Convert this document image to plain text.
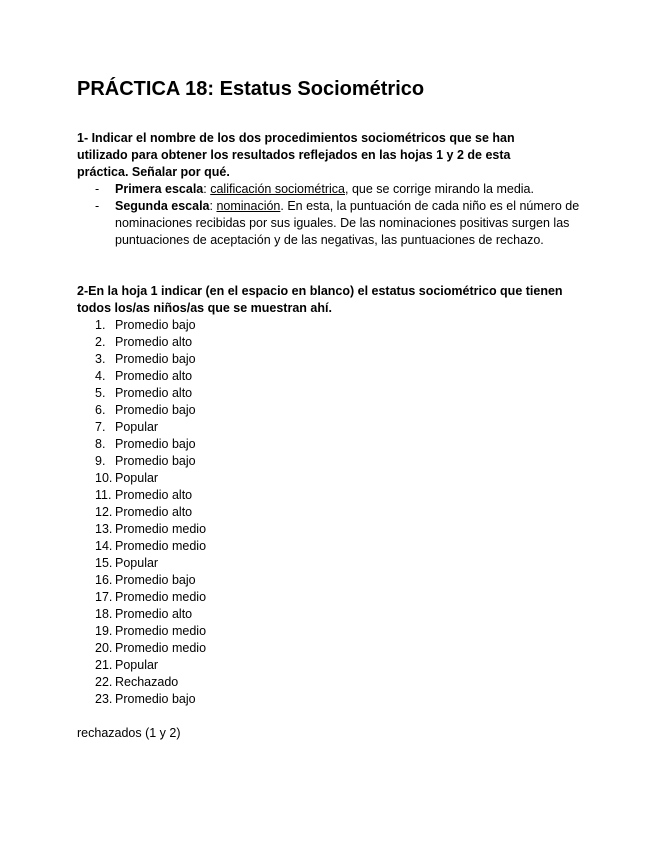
PRÁCTICA 18: Estatus Sociométrico

1- Indicar el nombre de los dos procedimientos sociométricos que se han utilizado para obtener los resultados reflejados en las hojas 1 y 2 de esta práctica. Señalar por qué.

- Primera escala: calificación sociométrica, que se corrige mirando la media.
- Segunda escala: nominación. En esta, la puntuación de cada niño es el número de nominaciones recibidas por sus iguales. De las nominaciones positivas surgen las puntuaciones de aceptación y de las negativas, las puntuaciones de rechazo.

2-En la hoja 1 indicar (en el espacio en blanco) el estatus sociométrico que tienen todos los/as niños/as que se muestran ahí.

1. Promedio bajo
2. Promedio alto
3. Promedio bajo
4. Promedio alto
5. Promedio alto
6. Promedio bajo
7. Popular
8. Promedio bajo
9. Promedio bajo
10. Popular
11. Promedio alto
12. Promedio alto
13. Promedio medio
14. Promedio medio
15. Popular
16. Promedio bajo
17. Promedio medio
18. Promedio alto
19. Promedio medio
20. Promedio medio
21. Popular
22. Rechazado
23. Promedio bajo

rechazados (1 y 2)
